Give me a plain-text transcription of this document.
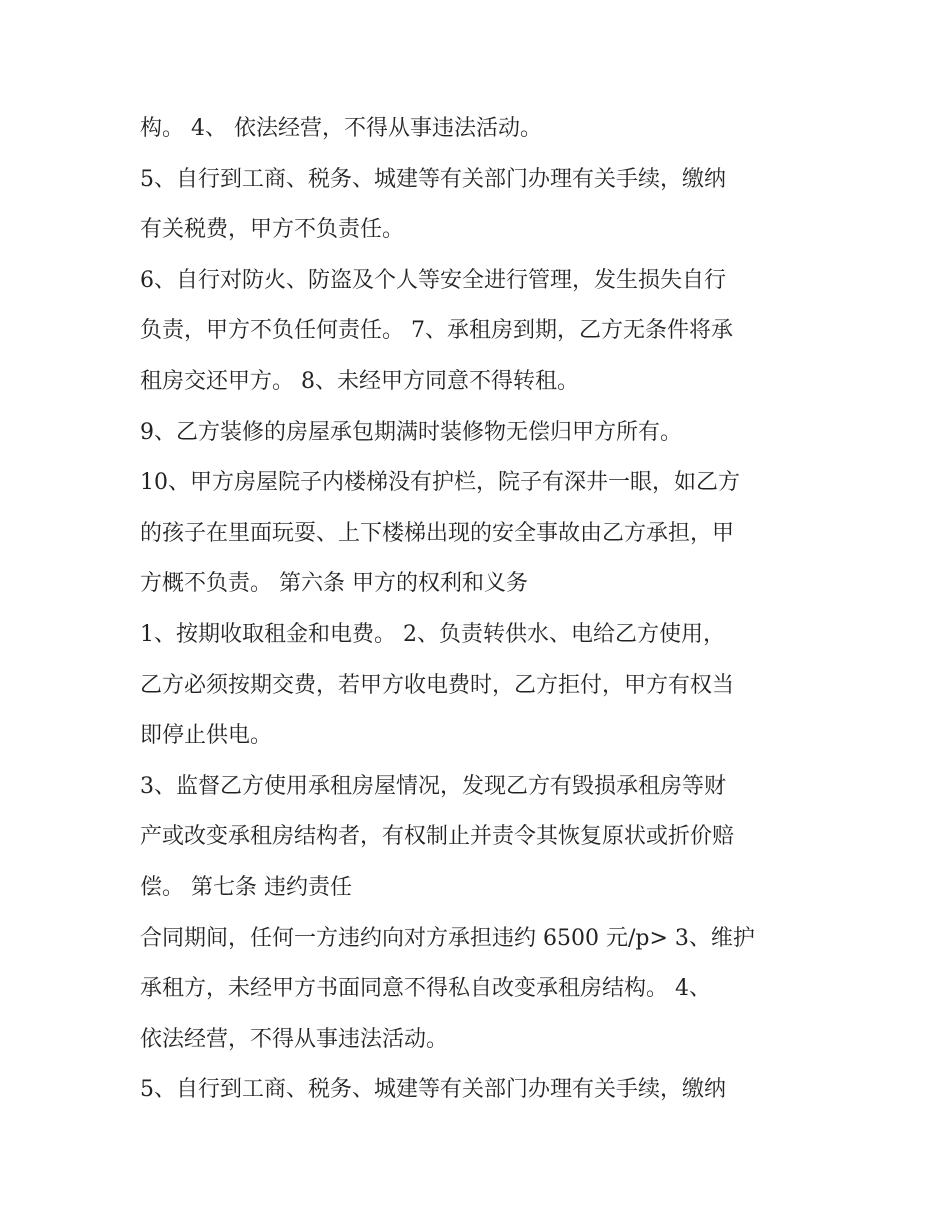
构。 4、 依法经营，不得从事违法活动。
5、自行到工商、税务、城建等有关部门办理有关手续，缴纳
有关税费，甲方不负责任。
6、自行对防火、防盗及个人等安全进行管理，发生损失自行
负责，甲方不负任何责任。 7、承租房到期，乙方无条件将承
租房交还甲方。 8、未经甲方同意不得转租。
9、乙方装修的房屋承包期满时装修物无偿归甲方所有。
10、甲方房屋院子内楼梯没有护栏，院子有深井一眼，如乙方
的孩子在里面玩耍、上下楼梯出现的安全事故由乙方承担，甲
方概不负责。 第六条 甲方的权利和义务
1、按期收取租金和电费。 2、负责转供水、电给乙方使用，
乙方必须按期交费，若甲方收电费时，乙方拒付，甲方有权当
即停止供电。
3、监督乙方使用承租房屋情况，发现乙方有毁损承租房等财
产或改变承租房结构者，有权制止并责令其恢复原状或折价赔
偿。 第七条 违约责任
合同期间，任何一方违约向对方承担违约 6500 元/p> 3、维护
承租方，未经甲方书面同意不得私自改变承租房结构。 4、
依法经营，不得从事违法活动。
5、自行到工商、税务、城建等有关部门办理有关手续，缴纳
